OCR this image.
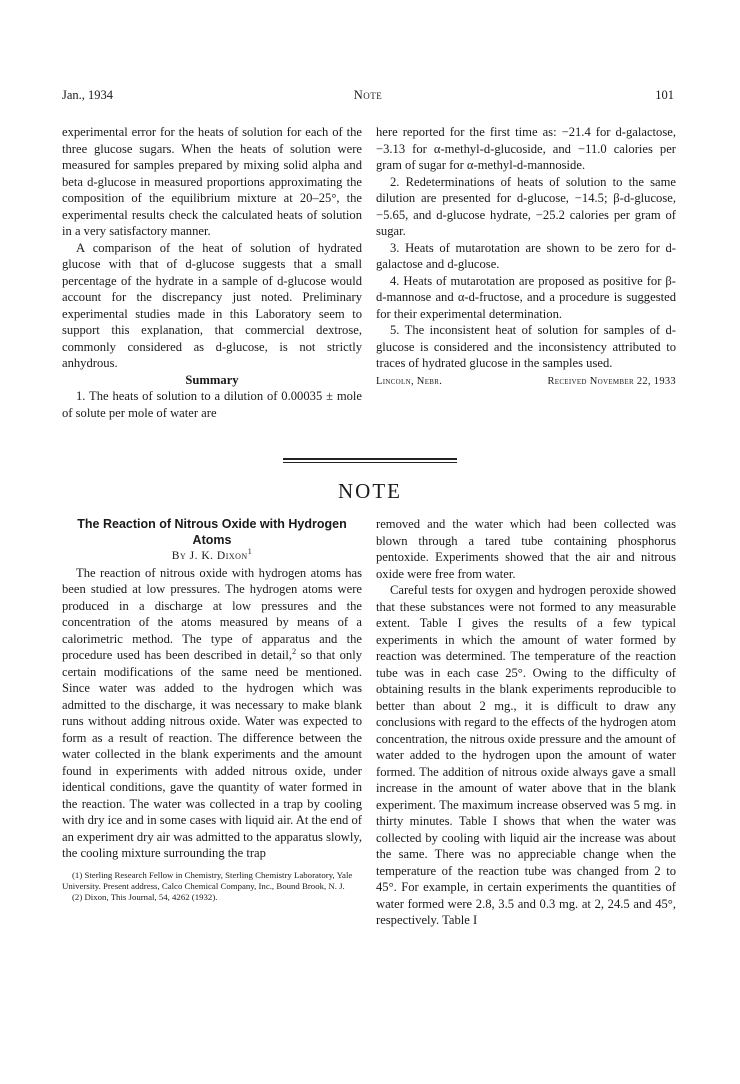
Jan., 1934	Note	101

experimental error for the heats of solution for each of the three glucose sugars. When the heats of solution were measured for samples prepared by mixing solid alpha and beta d-glucose in measured proportions approximating the composition of the equilibrium mixture at 20–25°, the experimental results check the calculated heats of solution in a very satisfactory manner.

A comparison of the heat of solution of hydrated glucose with that of d-glucose suggests that a small percentage of the hydrate in a sample of d-glucose would account for the discrepancy just noted. Preliminary experimental studies made in this Laboratory seem to support this explanation, that commercial dextrose, commonly considered as d-glucose, is not strictly anhydrous.

Summary

1. The heats of solution to a dilution of 0.00035 ± mole of solute per mole of water are

here reported for the first time as: −21.4 for d-galactose, −3.13 for α-methyl-d-glucoside, and −11.0 calories per gram of sugar for α-methyl-d-mannoside.

2. Redeterminations of heats of solution to the same dilution are presented for d-glucose, −14.5; β-d-glucose, −5.65, and d-glucose hydrate, −25.2 calories per gram of sugar.

3. Heats of mutarotation are shown to be zero for d-galactose and d-glucose.

4. Heats of mutarotation are proposed as positive for β-d-mannose and α-d-fructose, and a procedure is suggested for their experimental determination.

5. The inconsistent heat of solution for samples of d-glucose is considered and the inconsistency attributed to traces of hydrated glucose in the samples used.

Lincoln, Nebr.	Received November 22, 1933
NOTE

The Reaction of Nitrous Oxide with Hydrogen Atoms

By J. K. Dixon$^1$

The reaction of nitrous oxide with hydrogen atoms has been studied at low pressures. The hydrogen atoms were produced in a discharge at low pressures and the concentration of the atoms measured by means of a calorimetric method. The type of apparatus and the procedure used has been described in detail,$^2$ so that only certain modifications of the same need be mentioned. Since water was added to the hydrogen which was admitted to the discharge, it was necessary to make blank runs without adding nitrous oxide. Water was expected to form as a result of reaction. The difference between the water collected in the blank experiments and the amount found in experiments with added nitrous oxide, under identical conditions, gave the quantity of water formed in the reaction. The water was collected in a trap by cooling with dry ice and in some cases with liquid air. At the end of an experiment dry air was admitted to the apparatus slowly, the cooling mixture surrounding the trap

(1) Sterling Research Fellow in Chemistry, Sterling Chemistry Laboratory, Yale University. Present address, Calco Chemical Company, Inc., Bound Brook, N. J.

(2) Dixon, This Journal, 54, 4262 (1932).

removed and the water which had been collected was blown through a tared tube containing phosphorus pentoxide. Experiments showed that the air and nitrous oxide were free from water.

Careful tests for oxygen and hydrogen peroxide showed that these substances were not formed to any measurable extent. Table I gives the results of a few typical experiments in which the amount of water formed by reaction was determined. The temperature of the reaction tube was in each case 25°. Owing to the difficulty of obtaining results in the blank experiments reproducible to better than about 2 mg., it is difficult to draw any conclusions with regard to the effects of the hydrogen atom concentration, the nitrous oxide pressure and the amount of water added to the hydrogen upon the amount of water formed. The addition of nitrous oxide always gave a small increase in the amount of water above that in the blank experiment. The maximum increase observed was 5 mg. in thirty minutes. Table I shows that when the water was collected by cooling with liquid air the increase was about the same. There was no appreciable change when the temperature of the reaction tube was changed from 2 to 45°. For example, in certain experiments the quantities of water formed were 2.8, 3.5 and 0.3 mg. at 2, 24.5 and 45°, respectively. Table I
